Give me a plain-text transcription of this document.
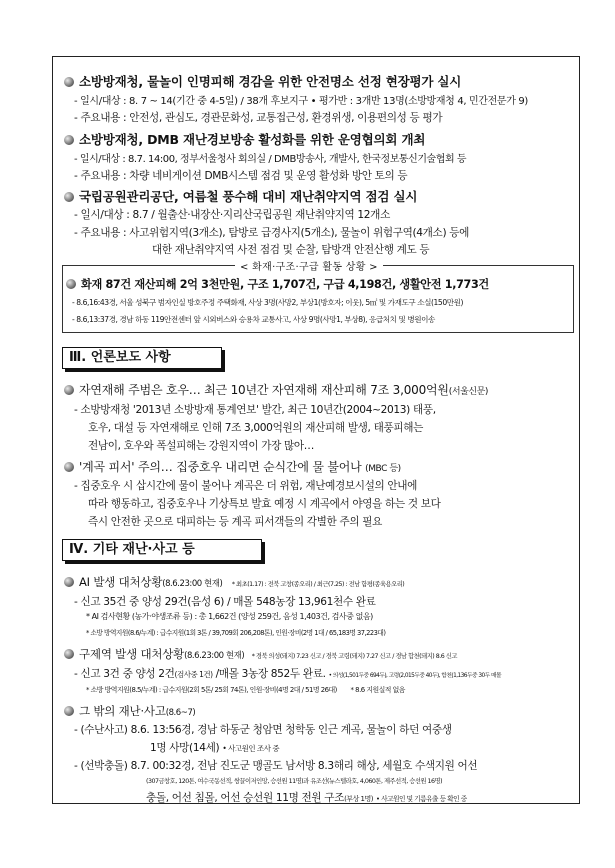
소방방재청, 물놀이 인명피해 경감을 위한 안전명소 선정 현장평가 실시
- 일시/대상 : 8. 7 ~ 14(기간 중 4-5일) / 38개 후보지구 • 평가반 : 3개반 13명(소방방재청 4, 민간전문가 9)
- 주요내용 : 안전성, 관심도, 경관문화성, 교통접근성, 환경위생, 이용편의성 등 평가
소방방재청, DMB 재난경보방송 활성화를 위한 운영협의회 개최
- 일시/대상 : 8.7. 14:00, 정부서울청사 회의실 / DMB방송사, 개발사, 한국정보통신기술협회 등
- 주요내용 : 차량 네비게이션 DMB시스템 점검 및 운영 활성화 방안 토의 등
국립공원관리공단, 여름철 풍수해 대비 재난취약지역 점검 실시
- 일시/대상 : 8.7 / 월출산·내장산·지리산국립공원 재난취약지역 12개소
- 주요내용 : 사고위험지역(3개소), 탐방로 급경사지(5개소), 물놀이 위험구역(4개소) 등에
대한 재난취약지역 사전 점검 및 순찰, 탐방객 안전산행 계도 등
< 화재·구조·구급 활동 상황 >
화재 87건 재산피해 2억 3천만원, 구조 1,707건, 구급 4,198건, 생활안전 1,773건
- 8.6,16:43경, 서울 성북구 범자인실 방호주정 주택화재, 사상 3명(사망2, 부상1(방호자; 이웃), 5㎡ 및 가재도구 소실(150만원)
- 8.6,13:37경, 경남 하동 119안전센터 앞 시외버스와 승용차 교통사고, 사상 9명(사망1, 부상8), 응급처치 및 병원이송
Ⅲ. 언론보도 사항
자연재해 주범은 호우… 최근 10년간 자연재해 재산피해 7조 3,000억원(서울신문)
- 소방방재청 '2013년 소방방재 통계연보' 발간, 최근 10년간(2004~2013) 태풍,
호우, 대설 등 자연재해로 인해 7조 3,000억원의 재산피해 발생, 태풍피해는
전남이, 호우와 폭설피해는 강원지역이 가장 많아…
'계곡 피서' 주의… 집중호우 내리면 순식간에 물 불어나 (MBC 등)
- 집중호우 시 삽시간에 물이 불어나 계곡은 더 위험, 재난예경보시설의 안내에
따라 행동하고, 집중호우나 기상특보 발효 예정 시 계곡에서 야영을 하는 것 보다
즉시 안전한 곳으로 대피하는 등 계곡 피서객들의 각별한 주의 필요
Ⅳ. 기타 재난·사고 등
AI 발생 대처상황(8.6.23:00 현재) * 최초(1.17) : 전북 고창(종오리) / 최근(7.25) : 전남 함평(종육용오리)
- 신고 35건 중 양성 29건(음성 6) / 매몰 548농장 13,961천수 완료
* AI 검사현황 (농가·야생조류 등) : 총 1,662건 (양성 259건, 음성 1,403건, 검사중 없음)
* 소방 방역지원(8.6/누계) : 급수지원(1회 3톤 / 39,709회 206,208톤), 인원·장비(2명 1대 / 65,183명 37,223대)
구제역 발생 대처상황(8.6.23:00 현재) * 경북 의성(돼지) 7.23 신고 / 경북 고령(돼지) 7.27 신고 / 경남 합천(돼지) 8.6 신고
- 신고 3건 중 양성 2건(검사중 1건) /매몰 3농장 852두 완료. • 의성(1,501두중 694두), 고령(2,015두중 40두), 합천(1,136두중 30두 매몰
* 소방 방역지원(8.5/누계) : 급수지원(2회 5톤/ 25회 74톤), 인원·장비(4명 2대 / 51명 26대) * 8.6 지원실적 없음
그 밖의 재난·사고(8.6~7)
- (수난사고) 8.6. 13:56경, 경남 하동군 청암면 청학동 인근 계곡, 물놀이 하던 여중생
1명 사망(14세) • 사고원인 조사 중
- (선박충돌) 8.7. 00:32경, 전남 진도군 맹골도 남서방 8.3해리 해상, 세월호 수색지원 어선
(307금창호, 120톤, 여수국동선적, 쌍끌이저인망, 승선원 11명)과 유조선(뉴스텔라호, 4,060톤, 제주선적, 승선원 16명)
충돌, 어선 침몰, 어선 승선원 11명 전원 구조(부상 1명) • 사고원인 및 기름유출 등 확인 중
